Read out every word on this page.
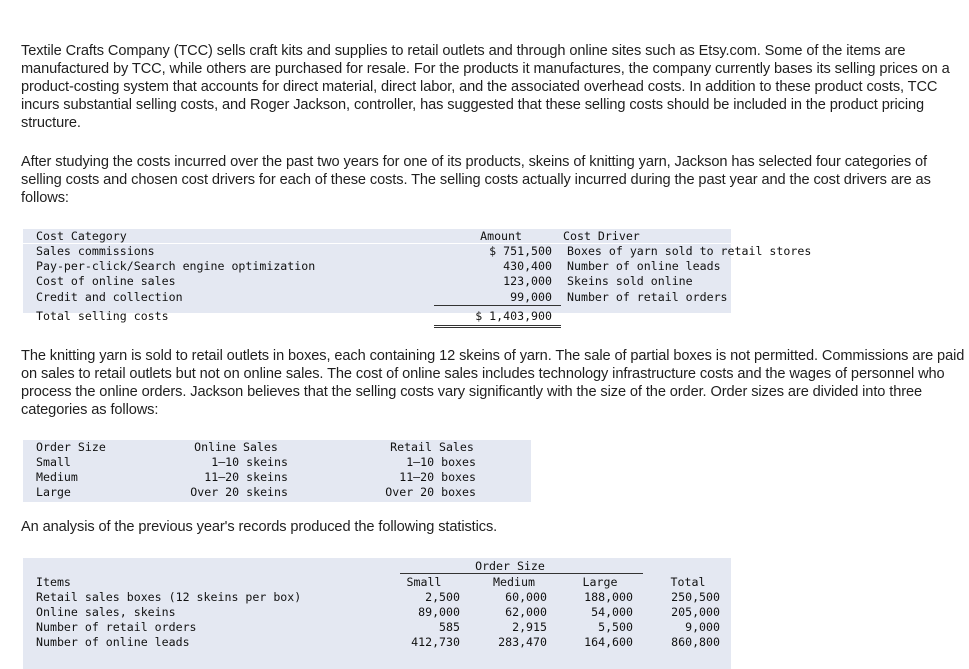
Textile Crafts Company (TCC) sells craft kits and supplies to retail outlets and through online sites such as Etsy.com. Some of the items are manufactured by TCC, while others are purchased for resale. For the products it manufactures, the company currently bases its selling prices on a product-costing system that accounts for direct material, direct labor, and the associated overhead costs. In addition to these product costs, TCC incurs substantial selling costs, and Roger Jackson, controller, has suggested that these selling costs should be included in the product pricing structure.

After studying the costs incurred over the past two years for one of its products, skeins of knitting yarn, Jackson has selected four categories of selling costs and chosen cost drivers for each of these costs. The selling costs actually incurred during the past year and the cost drivers are as follows:

Cost Category	Amount	Cost Driver
Sales commissions	$ 751,500 Boxes of yarn sold to retail stores
Pay-per-click/Search engine optimization	430,400 Number of online leads
Cost of online sales	123,000 Skeins sold online
Credit and collection	99,000 Number of retail orders
Total selling costs	$ 1,403,900

The knitting yarn is sold to retail outlets in boxes, each containing 12 skeins of yarn. The sale of partial boxes is not permitted. Commissions are paid on sales to retail outlets but not on online sales. The cost of online sales includes technology infrastructure costs and the wages of personnel who process the online orders. Jackson believes that the selling costs vary significantly with the size of the order. Order sizes are divided into three categories as follows:

Order Size	Online Sales	Retail Sales
Small	1–10 skeins	1–10 boxes
Medium	11–20 skeins	11–20 boxes
Large	Over 20 skeins	Over 20 boxes

An analysis of the previous year's records produced the following statistics.

Order Size
Items	Small	Medium	Large	Total
Retail sales boxes (12 skeins per box)	2,500	60,000	188,000	250,500
Online sales, skeins	89,000	62,000	54,000	205,000
Number of retail orders	585	2,915	5,500	9,000
Number of online leads	412,730	283,470	164,600	860,800
